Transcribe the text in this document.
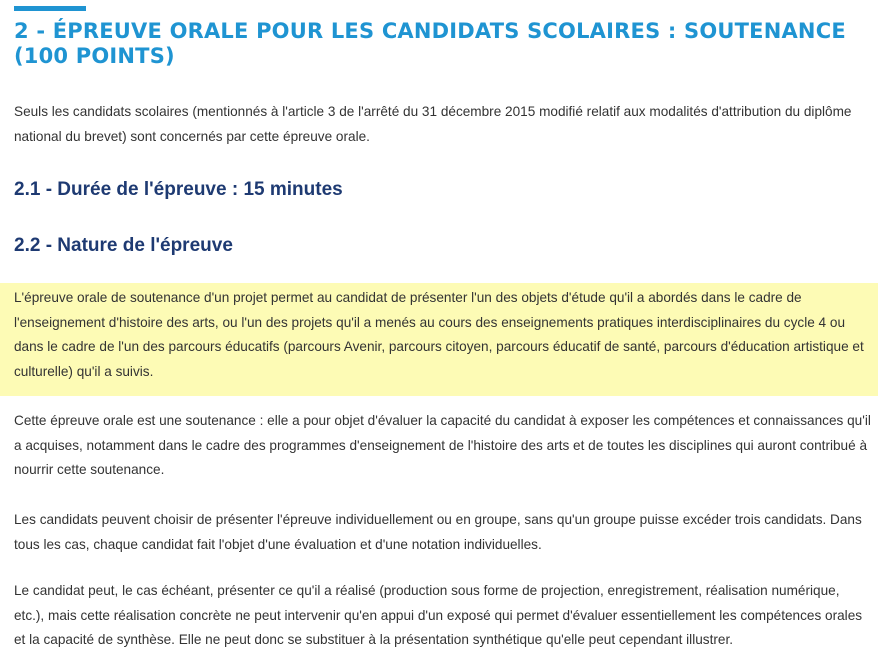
2 - ÉPREUVE ORALE POUR LES CANDIDATS SCOLAIRES : SOUTENANCE (100 POINTS)

Seuls les candidats scolaires (mentionnés à l'article 3 de l'arrêté du 31 décembre 2015 modifié relatif aux modalités d'attribution du diplôme national du brevet) sont concernés par cette épreuve orale.

2.1 - Durée de l'épreuve : 15 minutes
2.2 - Nature de l'épreuve

L'épreuve orale de soutenance d'un projet permet au candidat de présenter l'un des objets d'étude qu'il a abordés dans le cadre de l'enseignement d'histoire des arts, ou l'un des projets qu'il a menés au cours des enseignements pratiques interdisciplinaires du cycle 4 ou dans le cadre de l'un des parcours éducatifs (parcours Avenir, parcours citoyen, parcours éducatif de santé, parcours d'éducation artistique et culturelle) qu'il a suivis.

Cette épreuve orale est une soutenance : elle a pour objet d'évaluer la capacité du candidat à exposer les compétences et connaissances qu'il a acquises, notamment dans le cadre des programmes d'enseignement de l'histoire des arts et de toutes les disciplines qui auront contribué à nourrir cette soutenance.

Les candidats peuvent choisir de présenter l'épreuve individuellement ou en groupe, sans qu'un groupe puisse excéder trois candidats. Dans tous les cas, chaque candidat fait l'objet d'une évaluation et d'une notation individuelles.

Le candidat peut, le cas échéant, présenter ce qu'il a réalisé (production sous forme de projection, enregistrement, réalisation numérique, etc.), mais cette réalisation concrète ne peut intervenir qu'en appui d'un exposé qui permet d'évaluer essentiellement les compétences orales et la capacité de synthèse. Elle ne peut donc se substituer à la présentation synthétique qu'elle peut cependant illustrer.
